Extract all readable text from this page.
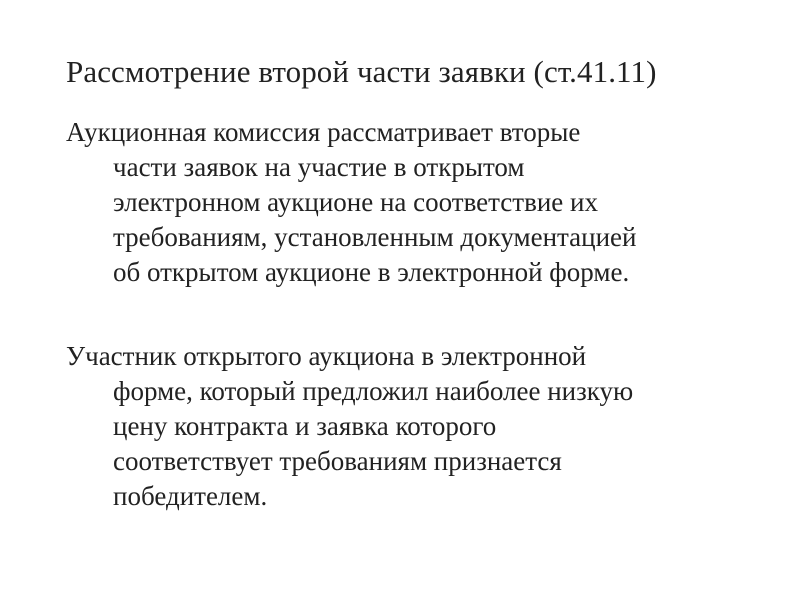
Рассмотрение второй части заявки (ст.41.11)
Аукционная комиссия рассматривает вторые
части заявок на участие в открытом
электронном аукционе на соответствие их
требованиям, установленным документацией
об открытом аукционе в электронной форме.
Участник открытого аукциона в электронной
форме, который предложил наиболее низкую
цену контракта и заявка которого
соответствует требованиям признается
победителем.
